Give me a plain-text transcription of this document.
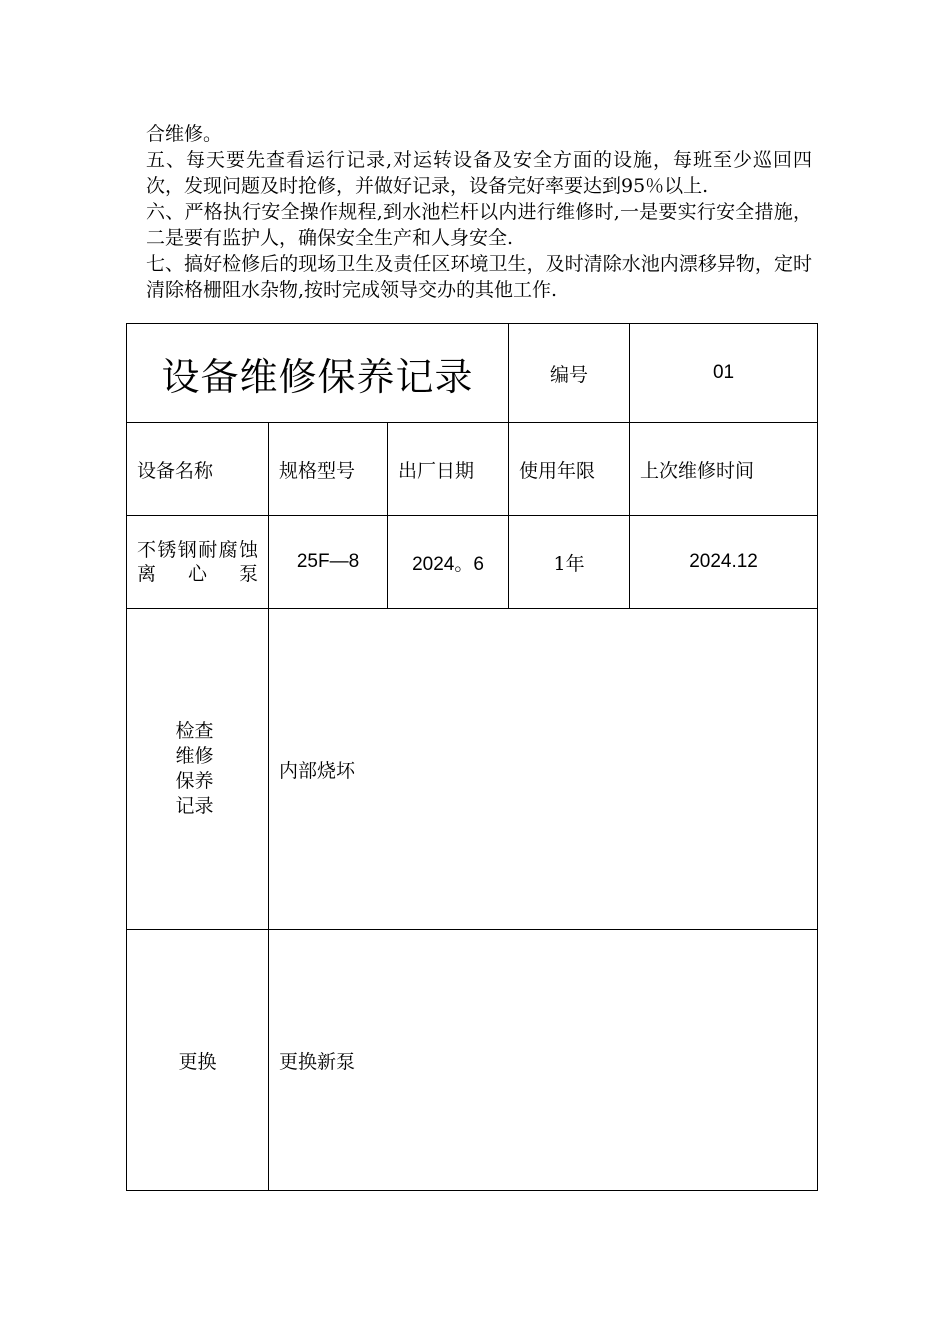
合维修。

五、每天要先查看运行记录,对运转设备及安全方面的设施，每班至少巡回四次，发现问题及时抢修，并做好记录，设备完好率要达到95％以上.

六、严格执行安全操作规程,到水池栏杆以内进行维修时,一是要实行安全措施，二是要有监护人，确保安全生产和人身安全.

七、搞好检修后的现场卫生及责任区环境卫生，及时清除水池内漂移异物，定时清除格栅阻水杂物,按时完成领导交办的其他工作.

设备维修保养记录			编号	01
设备名称	规格型号	出厂日期	使用年限	上次维修时间
不锈钢耐腐蚀离心泵	25F—8	2024。6	1年	2024.12
检查维修保养记录	内部烧坏			
更换	更换新泵			
